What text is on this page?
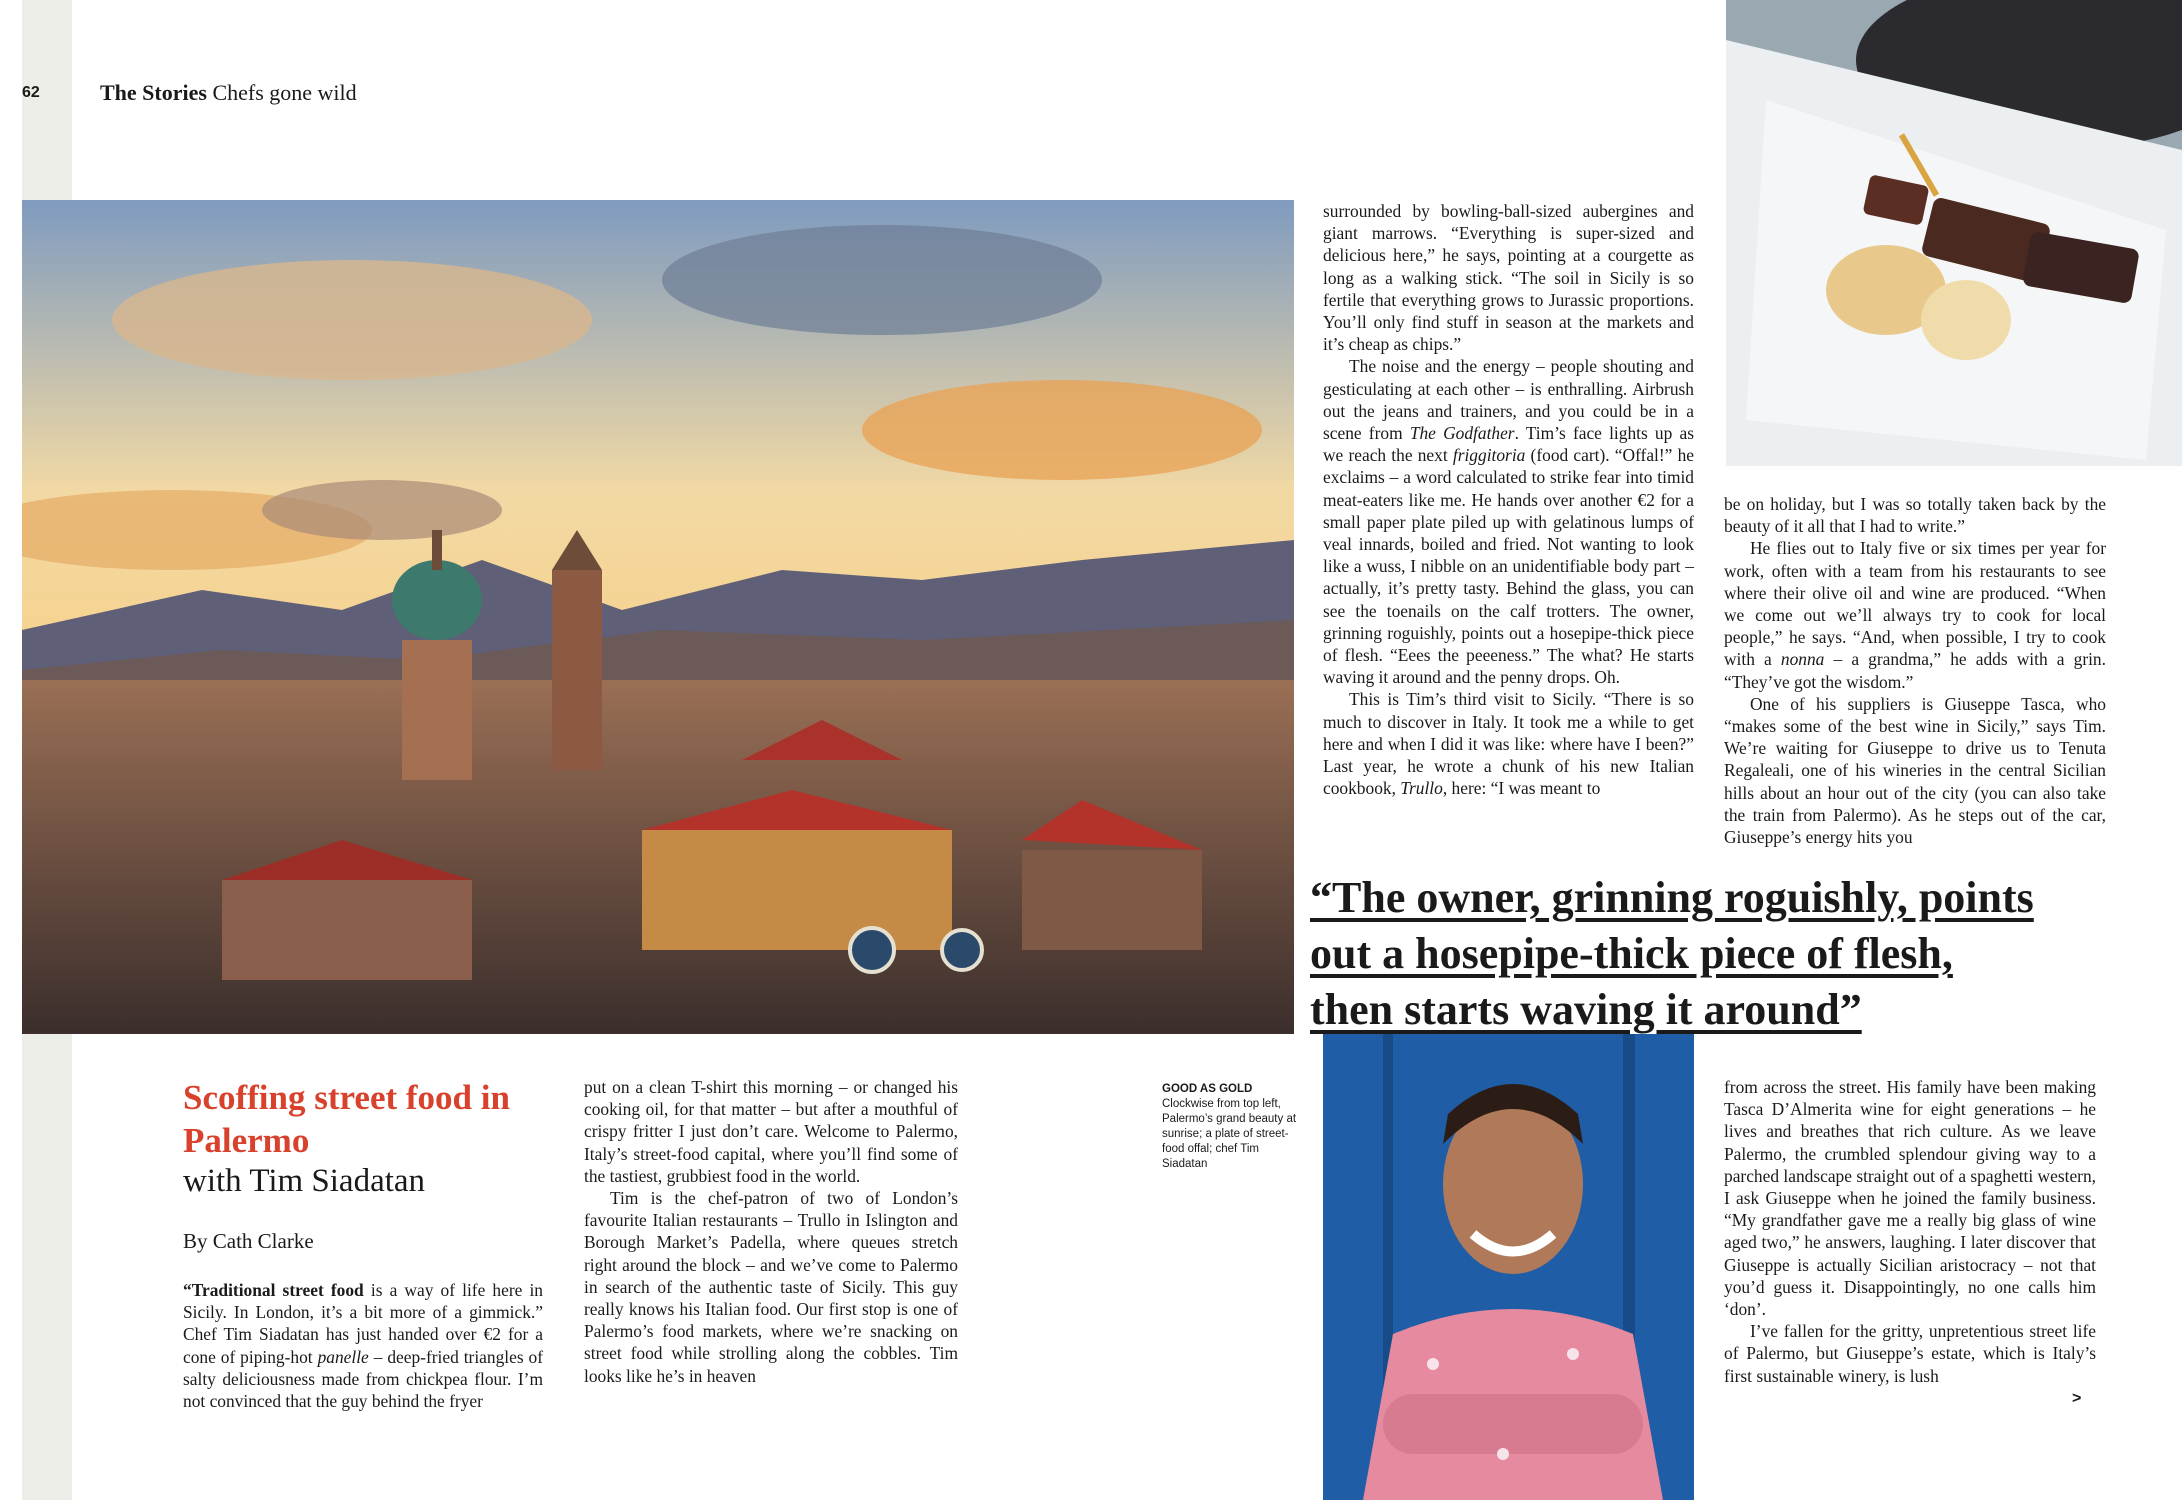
62	The Stories Chefs gone wild
Scoffing street food in Palermo
with Tim Siadatan
By Cath Clarke

“Traditional street food is a way of life here in Sicily. In London, it’s a bit more of a gimmick.” Chef Tim Siadatan has just handed over €2 for a cone of piping-hot panelle – deep-fried triangles of salty deliciousness made from chickpea flour. I’m not convinced that the guy behind the fryer

put on a clean T-shirt this morning – or changed his cooking oil, for that matter – but after a mouthful of crispy fritter I just don’t care. Welcome to Palermo, Italy’s street-food capital, where you’ll find some of the tastiest, grubbiest food in the world.

Tim is the chef-patron of two of London’s favourite Italian restaurants – Trullo in Islington and Borough Market’s Padella, where queues stretch right around the block – and we’ve come to Palermo in search of the authentic taste of Sicily. This guy really knows his Italian food. Our first stop is one of Palermo’s food markets, where we’re snacking on street food while strolling along the cobbles. Tim looks like he’s in heaven

GOOD AS GOLD
Clockwise from top left, Palermo’s grand beauty at sunrise; a plate of street-food offal; chef Tim Siadatan

surrounded by bowling-ball-sized aubergines and giant marrows. “Everything is super-sized and delicious here,” he says, pointing at a courgette as long as a walking stick. “The soil in Sicily is so fertile that everything grows to Jurassic proportions. You’ll only find stuff in season at the markets and it’s cheap as chips.”

The noise and the energy – people shouting and gesticulating at each other – is enthralling. Airbrush out the jeans and trainers, and you could be in a scene from The Godfather. Tim’s face lights up as we reach the next friggitoria (food cart). “Offal!” he exclaims – a word calculated to strike fear into timid meat-eaters like me. He hands over another €2 for a small paper plate piled up with gelatinous lumps of veal innards, boiled and fried. Not wanting to look like a wuss, I nibble on an unidentifiable body part – actually, it’s pretty tasty. Behind the glass, you can see the toenails on the calf trotters. The owner, grinning roguishly, points out a hosepipe-thick piece of flesh. “Eees the peeeness.” The what? He starts waving it around and the penny drops. Oh.

This is Tim’s third visit to Sicily. “There is so much to discover in Italy. It took me a while to get here and when I did it was like: where have I been?” Last year, he wrote a chunk of his new Italian cookbook, Trullo, here: “I was meant to

be on holiday, but I was so totally taken back by the beauty of it all that I had to write.”

He flies out to Italy five or six times per year for work, often with a team from his restaurants to see where their olive oil and wine are produced. “When we come out we’ll always try to cook for local people,” he says. “And, when possible, I try to cook with a nonna – a grandma,” he adds with a grin. “They’ve got the wisdom.”

One of his suppliers is Giuseppe Tasca, who “makes some of the best wine in Sicily,” says Tim. We’re waiting for Giuseppe to drive us to Tenuta Regaleali, one of his wineries in the central Sicilian hills about an hour out of the city (you can also take the train from Palermo). As he steps out of the car, Giuseppe’s energy hits you

“The owner, grinning roguishly, points
out a hosepipe-thick piece of flesh,
then starts waving it around”

from across the street. His family have been making Tasca D’Almerita wine for eight generations – he lives and breathes that rich culture. As we leave Palermo, the crumbled splendour giving way to a parched landscape straight out of a spaghetti western, I ask Giuseppe when he joined the family business. “My grandfather gave me a really big glass of wine aged two,” he answers, laughing. I later discover that Giuseppe is actually Sicilian aristocracy – not that you’d guess it. Disappointingly, no one calls him ‘don’.

I’ve fallen for the gritty, unpretentious street life of Palermo, but Giuseppe’s estate, which is Italy’s first sustainable winery, is lush

>
